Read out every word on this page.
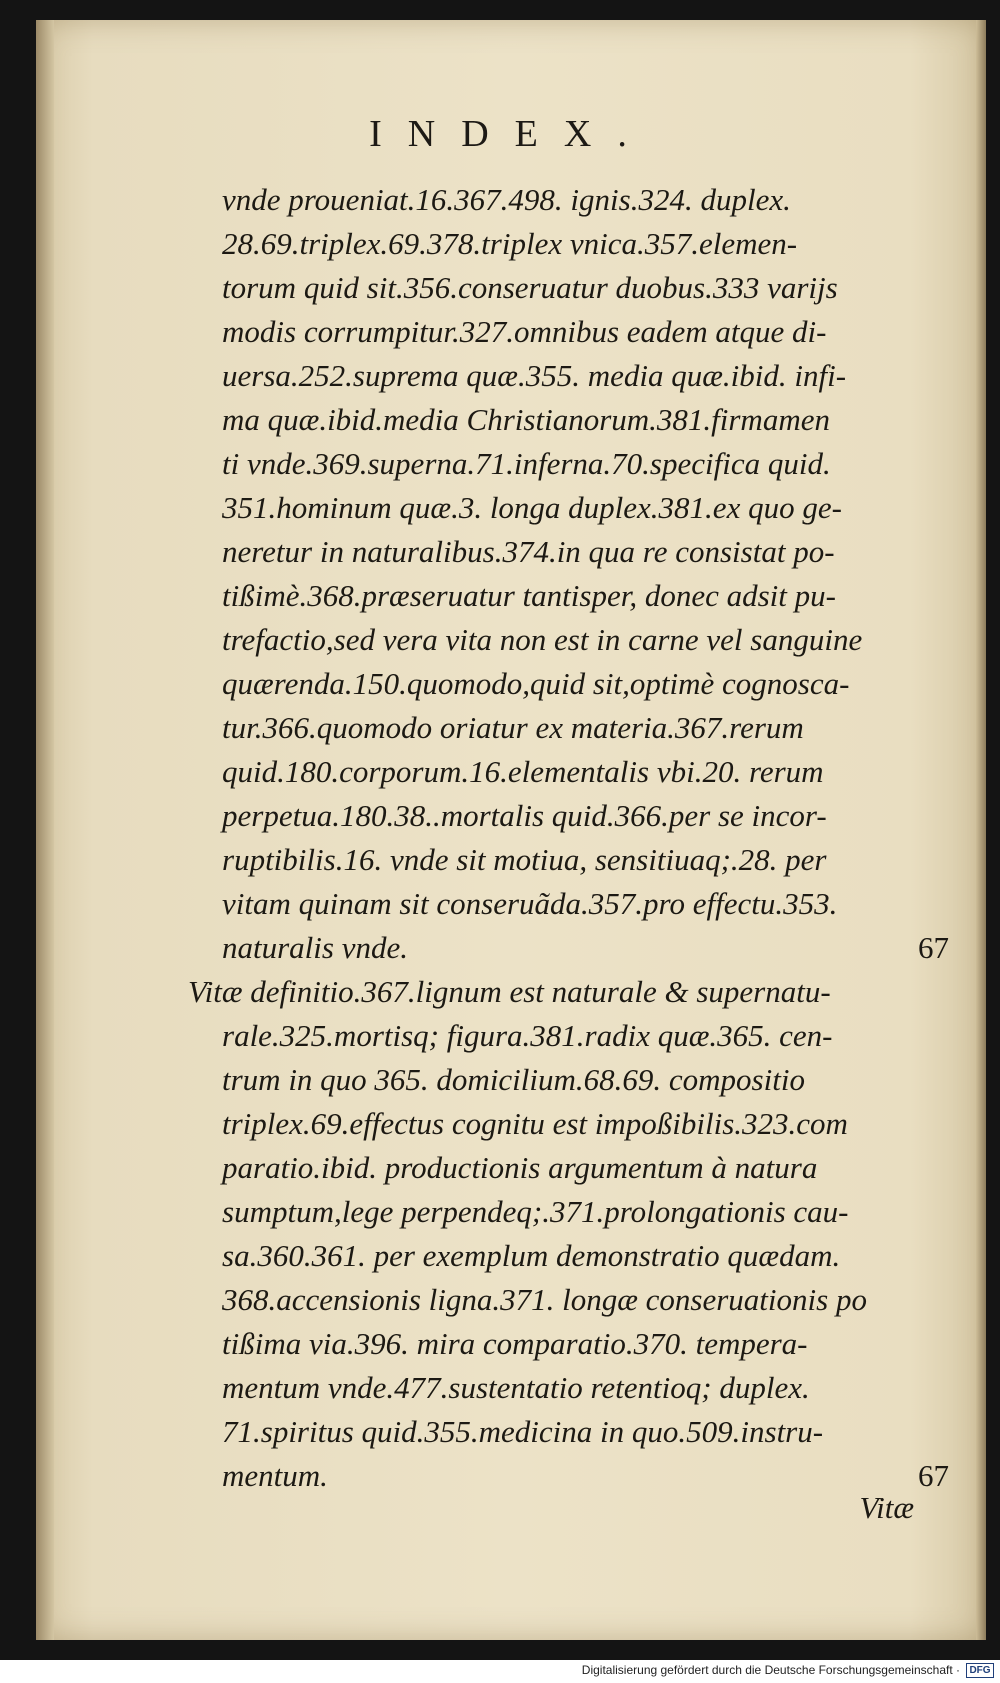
INDEX.
vnde proueniat.16.367.498. ignis.324. duplex.
28.69.triplex.69.378.triplex vnica.357.elemen-
torum quid sit.356.conseruatur duobus.333 varijs
modis corrumpitur.327.omnibus eadem atque di-
uersa.252.suprema quæ.355. media quæ.ibid. infi-
ma quæ.ibid.media Christianorum.381.firmamen
ti vnde.369.superna.71.inferna.70.specifica quid.
351.hominum quæ.3. longa duplex.381.ex quo ge-
neretur in naturalibus.374.in qua re consistat po-
tißimè.368.præseruatur tantisper, donec adsit pu-
trefactio,sed vera vita non est in carne vel sanguine
quærenda.150.quomodo,quid sit,optimè cognosca-
tur.366.quomodo oriatur ex materia.367.rerum
quid.180.corporum.16.elementalis vbi.20. rerum
perpetua.180.38..mortalis quid.366.per se incor-
ruptibilis.16. vnde sit motiua, sensitiuaq;.28. per
vitam quinam sit conseruãda.357.pro effectu.353.
naturalis vnde.	67
Vitæ definitio.367.lignum est naturale & supernatu-
rale.325.mortisq; figura.381.radix quæ.365. cen-
trum in quo 365. domicilium.68.69. compositio
triplex.69.effectus cognitu est impoßibilis.323.com
paratio.ibid. productionis argumentum à natura
sumptum,lege perpendeq;.371.prolongationis cau-
sa.360.361. per exemplum demonstratio quædam.
368.accensionis ligna.371. longæ conseruationis po
tißima via.396. mira comparatio.370. tempera-
mentum vnde.477.sustentatio retentioq; duplex.
71.spiritus quid.355.medicina in quo.509.instru-
mentum.	67
Vitæ
Digitalisierung gefördert durch die Deutsche Forschungsgemeinschaft · DFG
